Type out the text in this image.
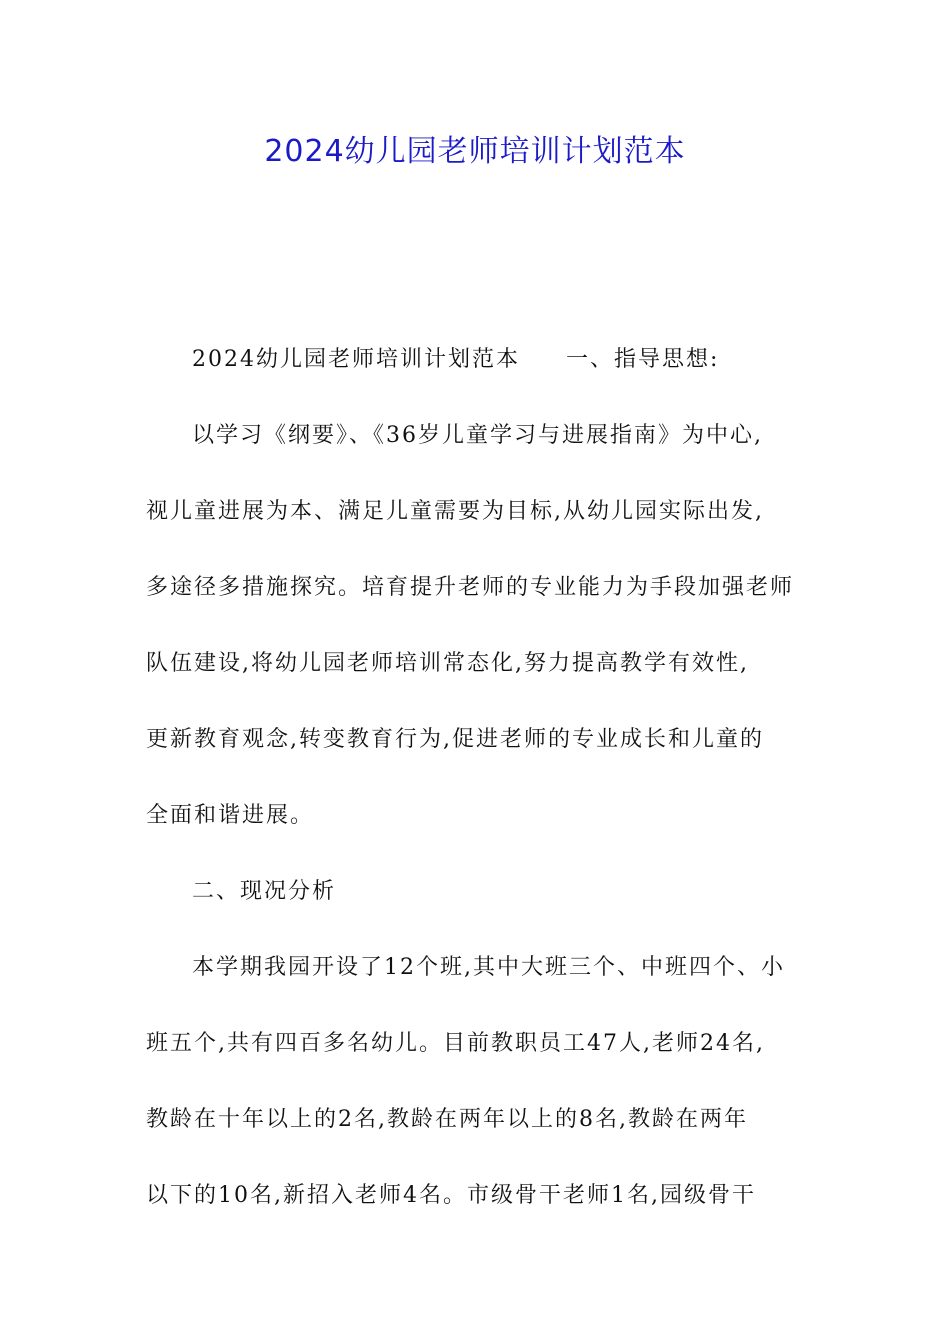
2024幼儿园老师培训计划范本
2024幼儿园老师培训计划范本 一、指导思想:
以学习《纲要》、《36岁儿童学习与进展指南》为中心,
视儿童进展为本、满足儿童需要为目标,从幼儿园实际出发,
多途径多措施探究。培育提升老师的专业能力为手段加强老师
队伍建设,将幼儿园老师培训常态化,努力提高教学有效性,
更新教育观念,转变教育行为,促进老师的专业成长和儿童的
全面和谐进展。
二、现况分析
本学期我园开设了12个班,其中大班三个、中班四个、小
班五个,共有四百多名幼儿。目前教职员工47人,老师24名,
教龄在十年以上的2名,教龄在两年以上的8名,教龄在两年
以下的10名,新招入老师4名。市级骨干老师1名,园级骨干
